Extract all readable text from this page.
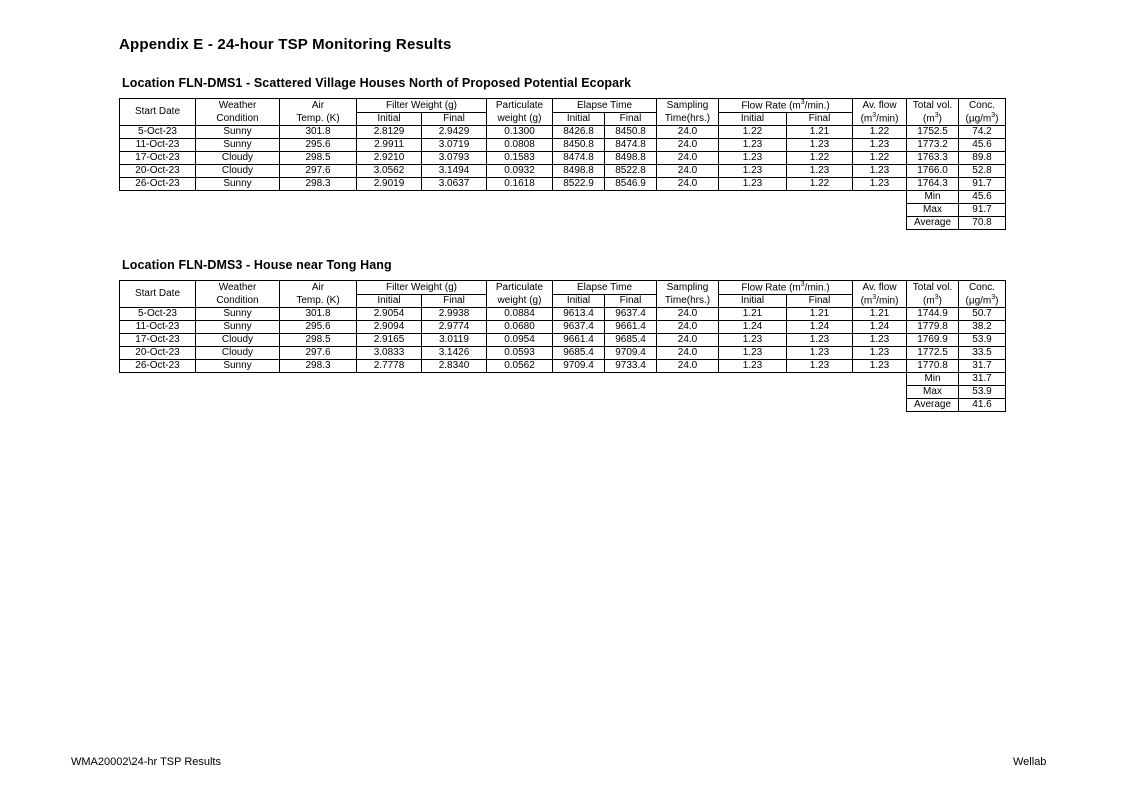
Appendix E - 24-hour TSP Monitoring Results
Location FLN-DMS1 - Scattered Village Houses North of Proposed Potential Ecopark
Start Date	Weather	Air	Filter Weight (g)		Particulate	Elapse Time		Sampling	Flow Rate $(m^3/\min.)$		Av. flow	Total vol.	Conc.
	Condition	Temp. (K)	Initial	Final	weight (g)	Initial	Final	Time(hrs.)	Initial	Final	$(m^3/\min)$	$(m^3)$	$(\mu g/m^3)$
5-Oct-23	Sunny	301.8	2.8129	2.9429	0.1300	8426.8	8450.8	24.0	1.22	1.21	1.22	1752.5	74.2
11-Oct-23	Sunny	295.6	2.9911	3.0719	0.0808	8450.8	8474.8	24.0	1.23	1.23	1.23	1773.2	45.6
17-Oct-23	Cloudy	298.5	2.9210	3.0793	0.1583	8474.8	8498.8	24.0	1.23	1.22	1.22	1763.3	89.8
20-Oct-23	Cloudy	297.6	3.0562	3.1494	0.0932	8498.8	8522.8	24.0	1.23	1.23	1.23	1766.0	52.8
26-Oct-23	Sunny	298.3	2.9019	3.0637	0.1618	8522.9	8546.9	24.0	1.23	1.22	1.23	1764.3	91.7
												Min	45.6
												Max	91.7
												Average	70.8
Location FLN-DMS3 - House near Tong Hang
Start Date	Weather	Air	Filter Weight (g)		Particulate	Elapse Time		Sampling	Flow Rate $(m^3/\min.)$		Av. flow	Total vol.	Conc.
	Condition	Temp. (K)	Initial	Final	weight (g)	Initial	Final	Time(hrs.)	Initial	Final	$(m^3/\min)$	$(m^3)$	$(\mu g/m^3)$
5-Oct-23	Sunny	301.8	2.9054	2.9938	0.0884	9613.4	9637.4	24.0	1.21	1.21	1.21	1744.9	50.7
11-Oct-23	Sunny	295.6	2.9094	2.9774	0.0680	9637.4	9661.4	24.0	1.24	1.24	1.24	1779.8	38.2
17-Oct-23	Cloudy	298.5	2.9165	3.0119	0.0954	9661.4	9685.4	24.0	1.23	1.23	1.23	1769.9	53.9
20-Oct-23	Cloudy	297.6	3.0833	3.1426	0.0593	9685.4	9709.4	24.0	1.23	1.23	1.23	1772.5	33.5
26-Oct-23	Sunny	298.3	2.7778	2.8340	0.0562	9709.4	9733.4	24.0	1.23	1.23	1.23	1770.8	31.7
												Min	31.7
												Max	53.9
												Average	41.6
WMA20002\24-hr TSP Results	Wellab
